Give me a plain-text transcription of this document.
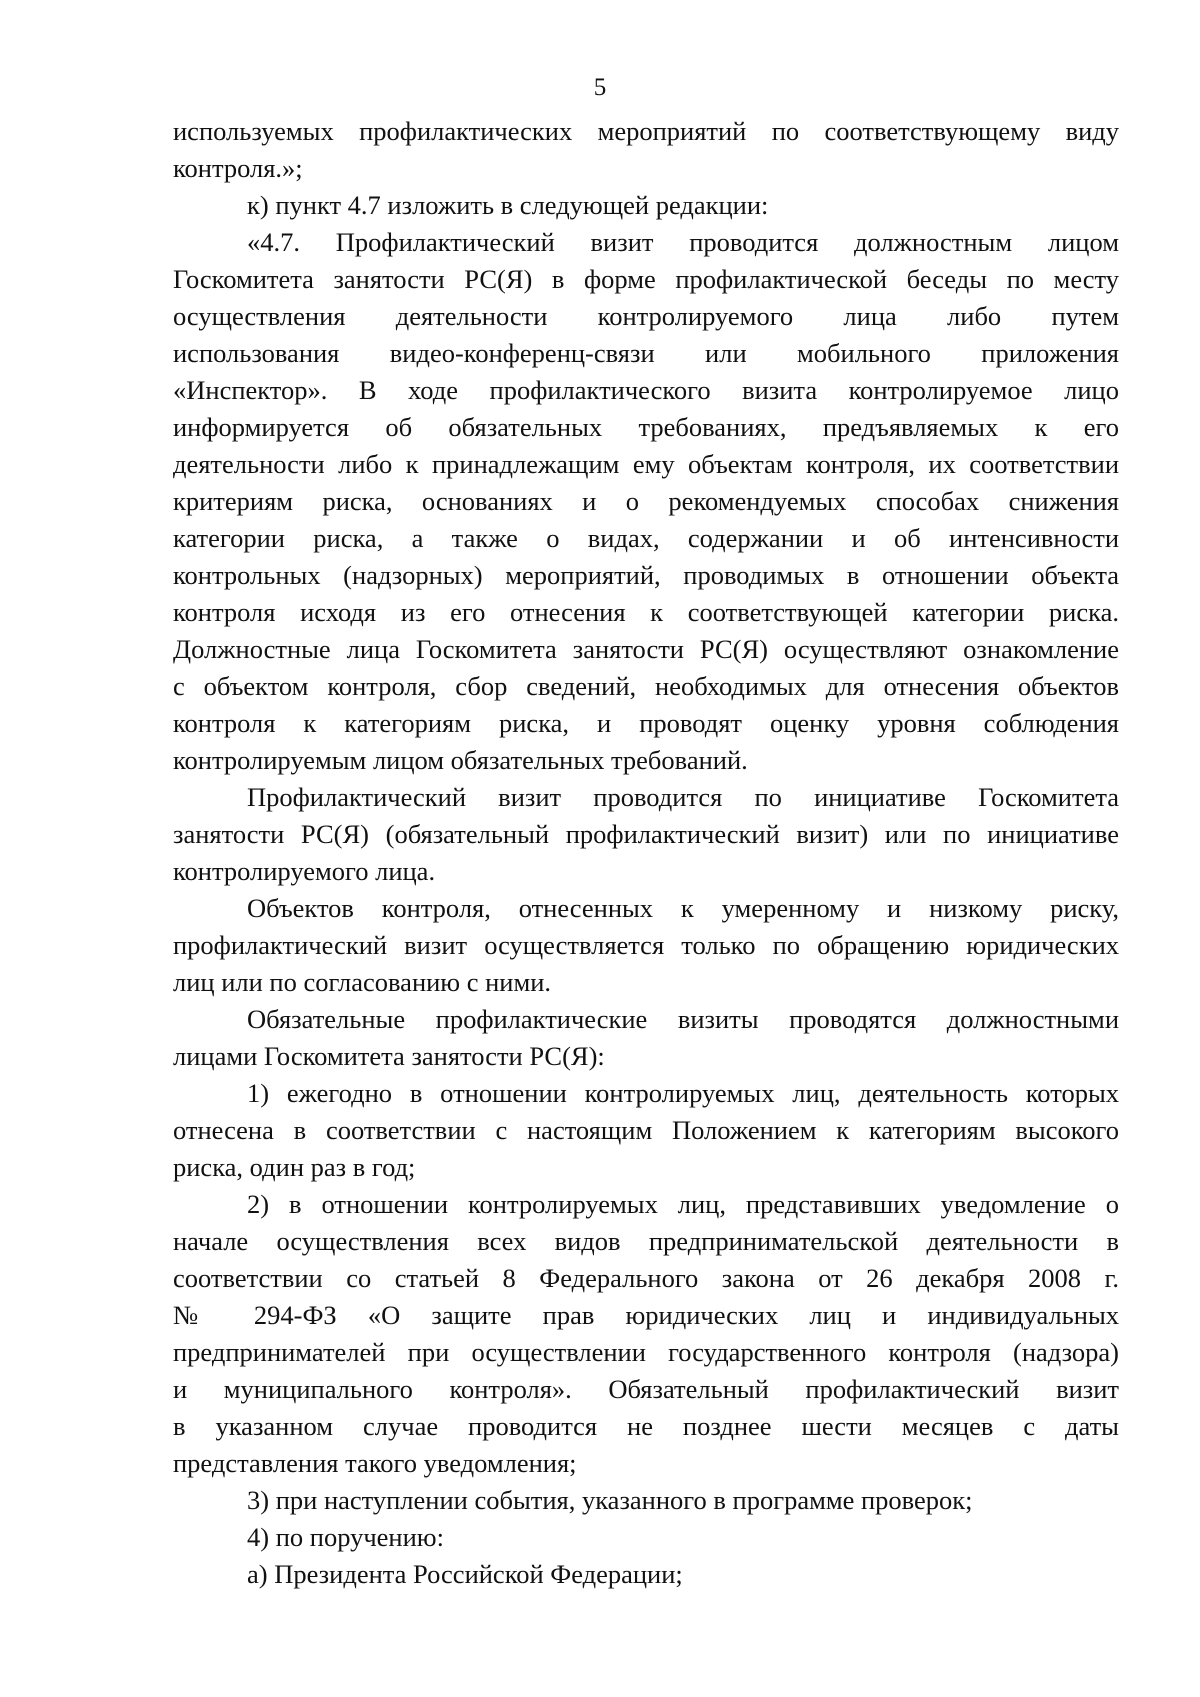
5

используемых профилактических мероприятий по соответствующему виду

контроля.»;

к) пункт 4.7 изложить в следующей редакции:

«4.7. Профилактический визит проводится должностным лицом

Госкомитета занятости РС(Я) в форме профилактической беседы по месту

осуществления деятельности контролируемого лица либо путем

использования видео-конференц-связи или мобильного приложения

«Инспектор». В ходе профилактического визита контролируемое лицо

информируется об обязательных требованиях, предъявляемых к его

деятельности либо к принадлежащим ему объектам контроля, их соответствии

критериям риска, основаниях и о рекомендуемых способах снижения

категории риска, а также о видах, содержании и об интенсивности

контрольных (надзорных) мероприятий, проводимых в отношении объекта

контроля исходя из его отнесения к соответствующей категории риска.

Должностные лица Госкомитета занятости РС(Я) осуществляют ознакомление

с объектом контроля, сбор сведений, необходимых для отнесения объектов

контроля к категориям риска, и проводят оценку уровня соблюдения

контролируемым лицом обязательных требований.

Профилактический визит проводится по инициативе Госкомитета

занятости РС(Я) (обязательный профилактический визит) или по инициативе

контролируемого лица.

Объектов контроля, отнесенных к умеренному и низкому риску,

профилактический визит осуществляется только по обращению юридических

лиц или по согласованию с ними.

Обязательные профилактические визиты проводятся должностными

лицами Госкомитета занятости РС(Я):

1) ежегодно в отношении контролируемых лиц, деятельность которых

отнесена в соответствии с настоящим Положением к категориям высокого

риска, один раз в год;

2) в отношении контролируемых лиц, представивших уведомление о

начале осуществления всех видов предпринимательской деятельности в

соответствии со статьей 8 Федерального закона от 26 декабря 2008 г.

№ 294-ФЗ «О защите прав юридических лиц и индивидуальных

предпринимателей при осуществлении государственного контроля (надзора)

и муниципального контроля». Обязательный профилактический визит

в указанном случае проводится не позднее шести месяцев с даты

представления такого уведомления;

3) при наступлении события, указанного в программе проверок;

4) по поручению:

а) Президента Российской Федерации;
